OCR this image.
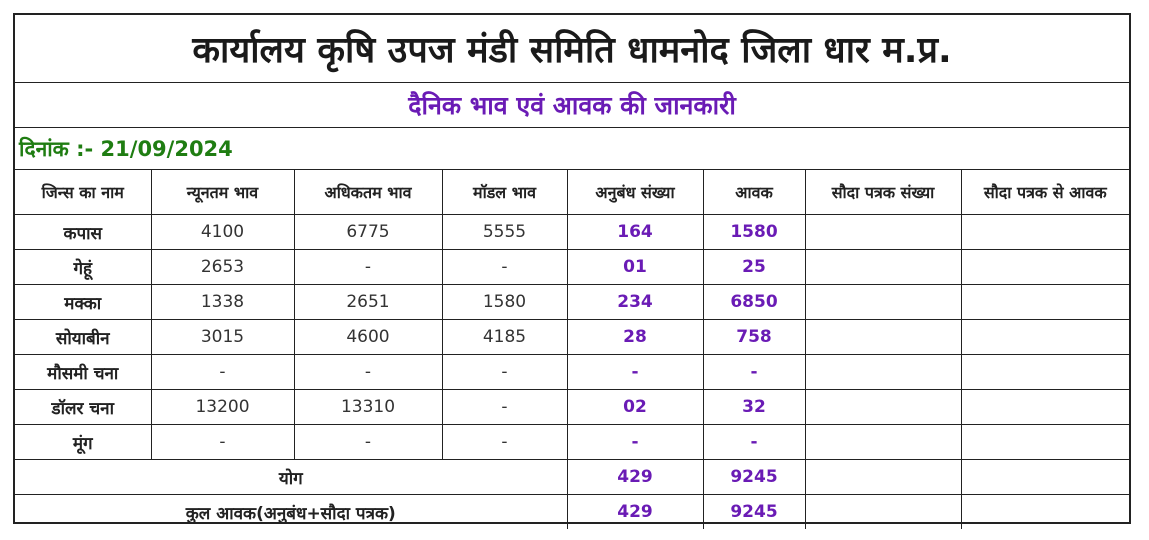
कार्यालय कृषि उपज मंडी समिति धामनोद जिला धार म.प्र.
दैनिक भाव एवं आवक की जानकारी
दिनांक :- 21/09/2024
जिन्स का नाम	न्यूनतम भाव	अधिकतम भाव	मॉडल भाव	अनुबंध संख्या	आवक	सौदा पत्रक संख्या	सौदा पत्रक से आवक
कपास	4100	6775	5555	164	1580		
गेहूं	2653	-	-	01	25		
मक्का	1338	2651	1580	234	6850		
सोयाबीन	3015	4600	4185	28	758		
मौसमी चना	-	-	-	-	-		
डॉलर चना	13200	13310	-	02	32		
मूंग	-	-	-	-	-		
योग				429	9245		
कुल आवक(अनुबंध+सौदा पत्रक)				429	9245		
